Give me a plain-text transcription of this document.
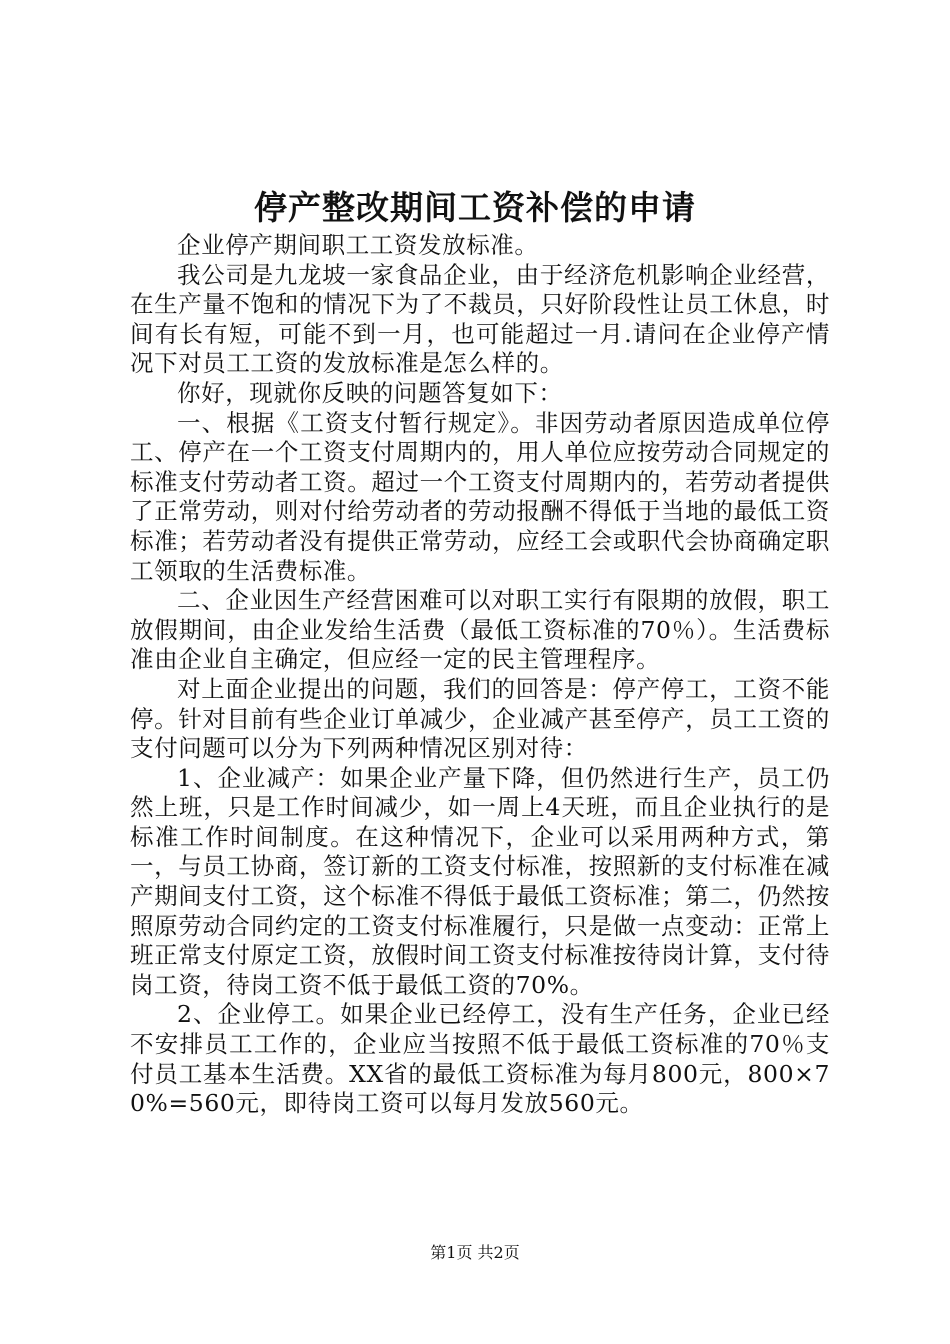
停产整改期间工资补偿的申请

企业停产期间职工工资发放标准。

我公司是九龙坡一家食品企业，由于经济危机影响企业经营，在生产量不饱和的情况下为了不裁员，只好阶段性让员工休息，时间有长有短，可能不到一月，也可能超过一月.请问在企业停产情况下对员工工资的发放标准是怎么样的。

你好，现就你反映的问题答复如下：

一、根据《工资支付暂行规定》。非因劳动者原因造成单位停工、停产在一个工资支付周期内的，用人单位应按劳动合同规定的标准支付劳动者工资。超过一个工资支付周期内的，若劳动者提供了正常劳动，则对付给劳动者的劳动报酬不得低于当地的最低工资标准；若劳动者没有提供正常劳动，应经工会或职代会协商确定职工领取的生活费标准。

二、企业因生产经营困难可以对职工实行有限期的放假，职工放假期间，由企业发给生活费（最低工资标准的70％）。生活费标准由企业自主确定，但应经一定的民主管理程序。

对上面企业提出的问题，我们的回答是：停产停工，工资不能停。针对目前有些企业订单减少，企业减产甚至停产，员工工资的支付问题可以分为下列两种情况区别对待：

1、企业减产：如果企业产量下降，但仍然进行生产，员工仍然上班，只是工作时间减少，如一周上4天班，而且企业执行的是标准工作时间制度。在这种情况下，企业可以采用两种方式，第一，与员工协商，签订新的工资支付标准，按照新的支付标准在减产期间支付工资，这个标准不得低于最低工资标准；第二，仍然按照原劳动合同约定的工资支付标准履行，只是做一点变动：正常上班正常支付原定工资，放假时间工资支付标准按待岗计算，支付待岗工资，待岗工资不低于最低工资的70%。

2、企业停工。如果企业已经停工，没有生产任务，企业已经不安排员工工作的，企业应当按照不低于最低工资标准的70％支付员工基本生活费。XX省的最低工资标准为每月800元，800×70%=560元，即待岗工资可以每月发放560元。

第1页 共2页
